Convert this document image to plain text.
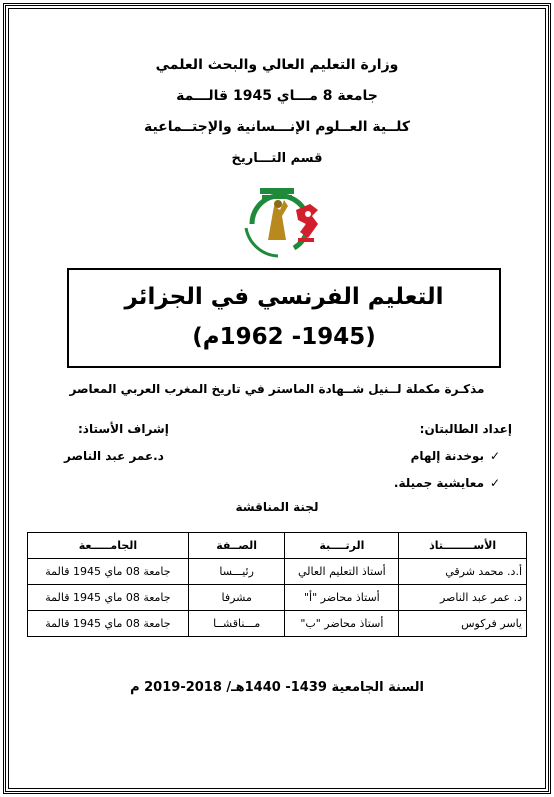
وزارة التعليم العالي والبحث العلمي
جامعة 8 مـــاي 1945 قالـــمة
كلــية العــلوم الإنـــسانية والإجتــماعية
قسم التـــاريخ
التعليم الفرنسي في الجزائر
(1945- 1962م)
مذكـرة مكملة لــنيل شــهادة الماستر في تاريخ المغرب العربي المعاصر
إعداد الطالبتان:
✓
بوخدنة إلهام
✓
معايشية جميلة.
إشراف الأستاذ:
د.عمر عبد الناصر
لجنة المناقشة
الأســــــــتاذ	الرتــــبة	الصــفة	الجامـــــعة
أ.د. محمد شرقي	أستاذ التعليم العالي	رئيـــسا	جامعة 08 ماي 1945 قالمة
د. عمر عبد الناصر	أستاذ محاضر "أ"	مشرفا	جامعة 08 ماي 1945 قالمة
ياسر فركوس	أستاذ محاضر "ب"	مـــناقشــا	جامعة 08 ماي 1945 قالمة
السنة الجامعية 1439- 1440هـ/ 2018-2019 م
